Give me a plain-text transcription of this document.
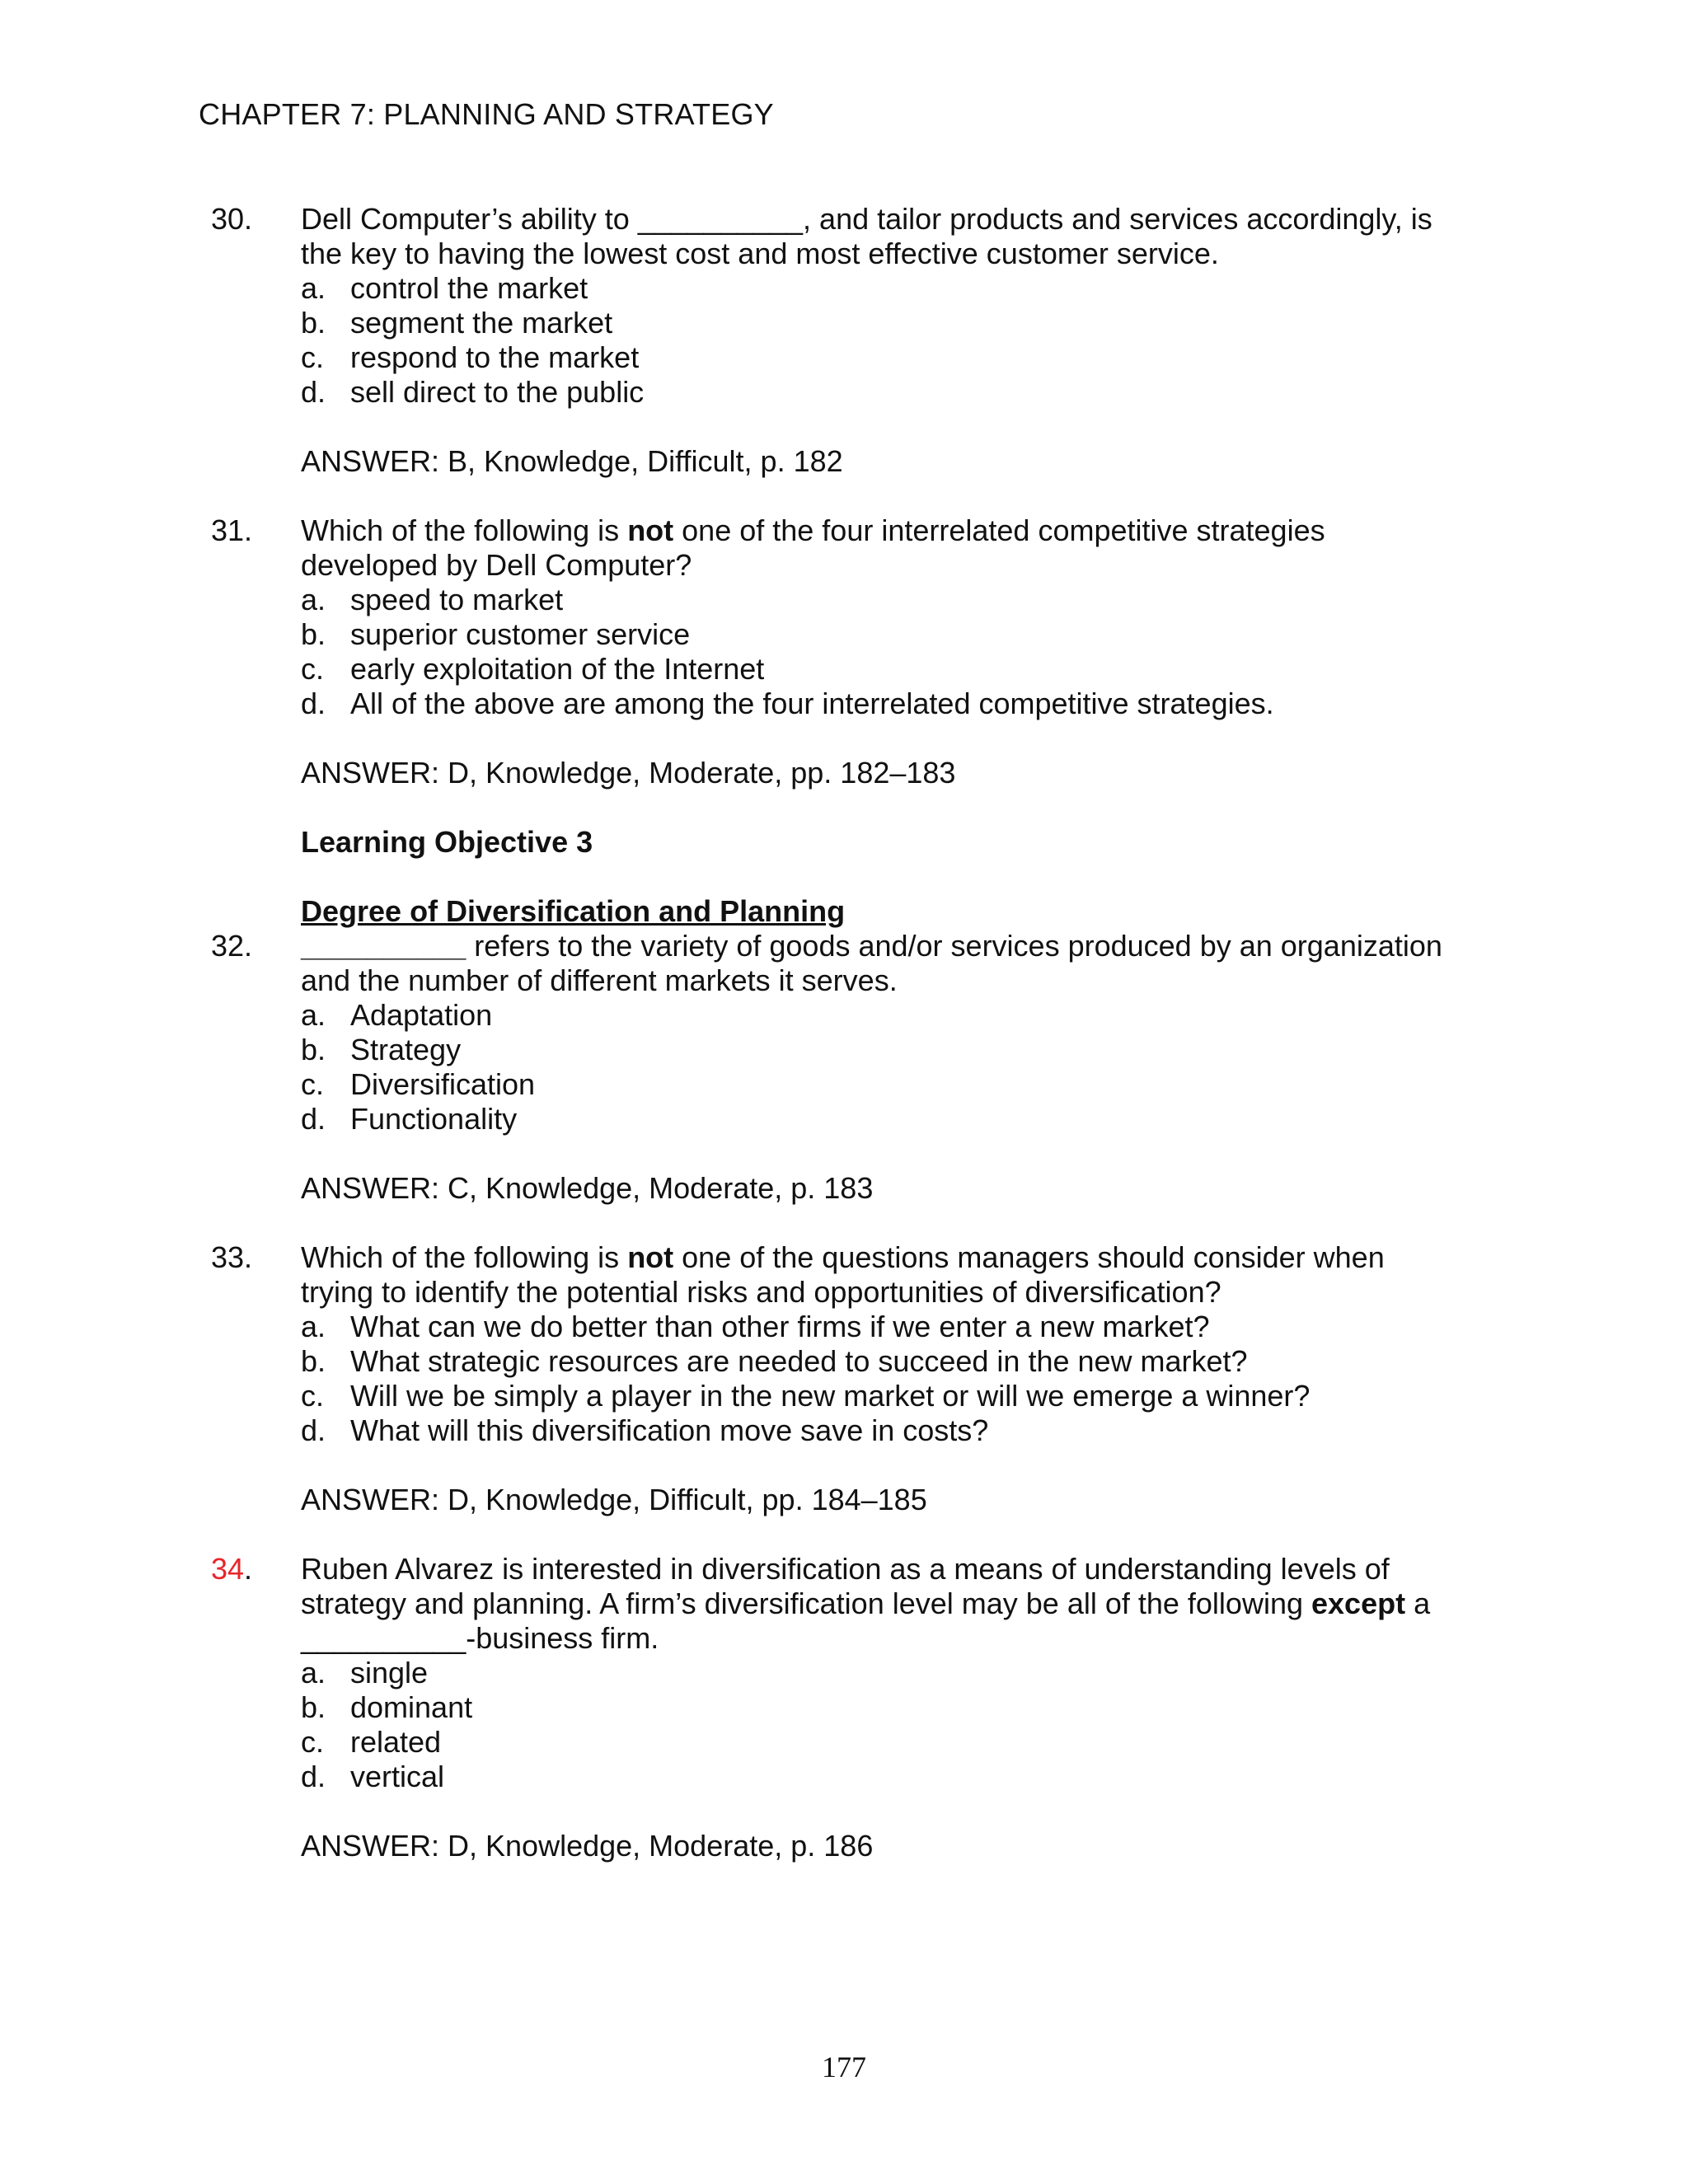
CHAPTER 7: PLANNING AND STRATEGY
30. Dell Computer’s ability to __________, and tailor products and services accordingly, is
the key to having the lowest cost and most effective customer service.
a. control the market
b. segment the market
c. respond to the market
d. sell direct to the public
ANSWER: B, Knowledge, Difficult, p. 182
31. Which of the following is not one of the four interrelated competitive strategies
developed by Dell Computer?
a. speed to market
b. superior customer service
c. early exploitation of the Internet
d. All of the above are among the four interrelated competitive strategies.
ANSWER: D, Knowledge, Moderate, pp. 182–183
Learning Objective 3
Degree of Diversification and Planning
32. __________ refers to the variety of goods and/or services produced by an organization
and the number of different markets it serves.
a. Adaptation
b. Strategy
c. Diversification
d. Functionality
ANSWER: C, Knowledge, Moderate, p. 183
33. Which of the following is not one of the questions managers should consider when
trying to identify the potential risks and opportunities of diversification?
a. What can we do better than other firms if we enter a new market?
b. What strategic resources are needed to succeed in the new market?
c. Will we be simply a player in the new market or will we emerge a winner?
d. What will this diversification move save in costs?
ANSWER: D, Knowledge, Difficult, pp. 184–185
34. Ruben Alvarez is interested in diversification as a means of understanding levels of
strategy and planning. A firm’s diversification level may be all of the following except a
__________-business firm.
a. single
b. dominant
c. related
d. vertical
ANSWER: D, Knowledge, Moderate, p. 186
177
